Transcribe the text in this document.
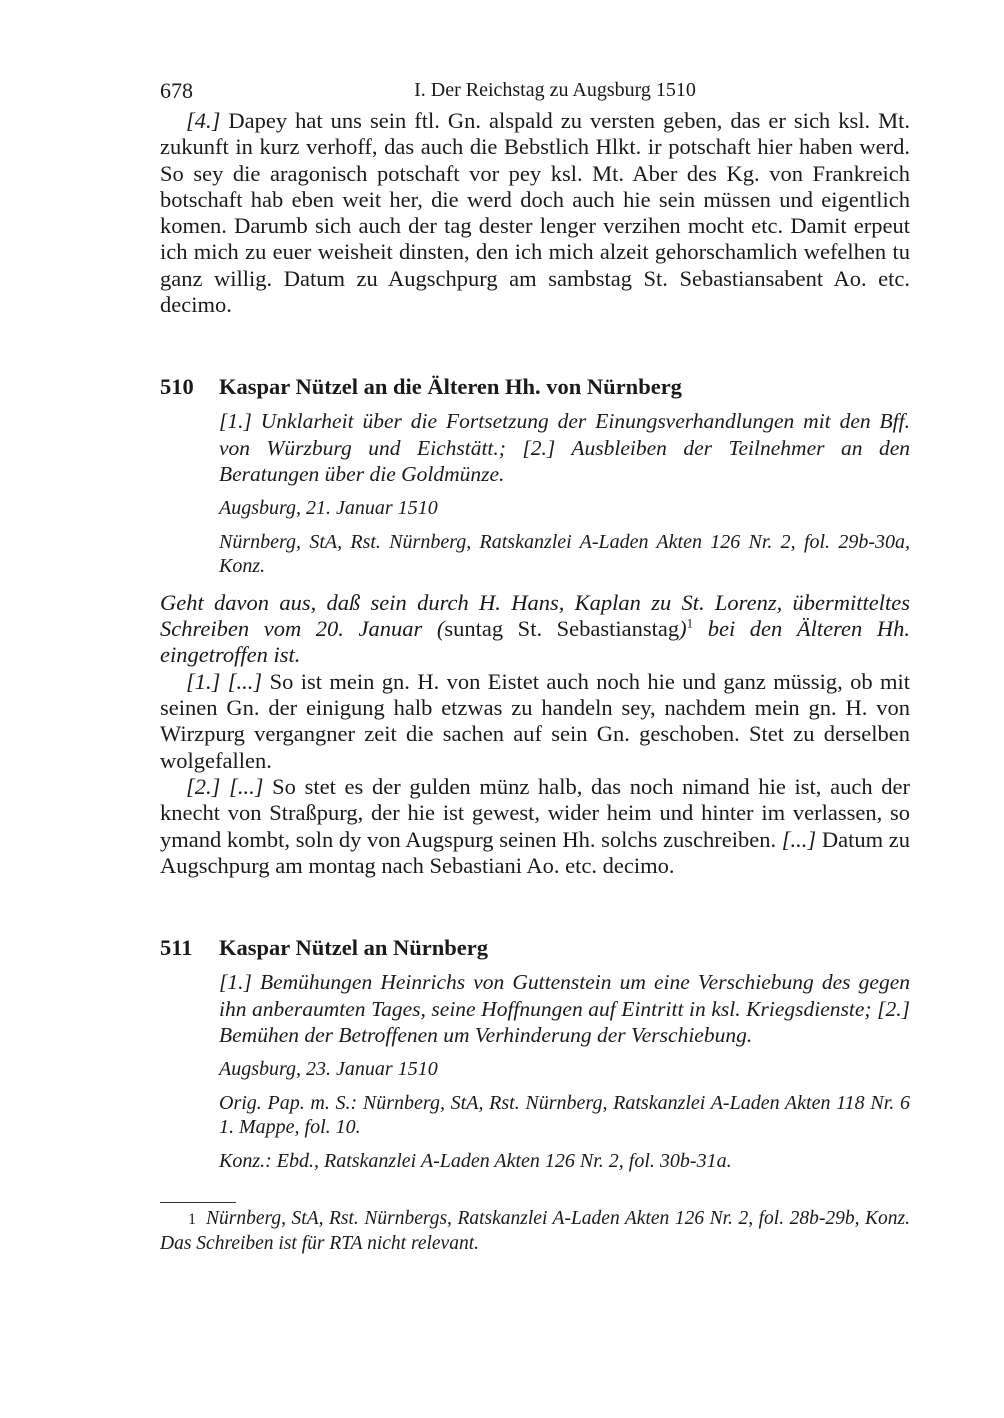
678	I. Der Reichstag zu Augsburg 1510

[4.] Dapey hat uns sein ftl. Gn. alspald zu versten geben, das er sich ksl. Mt. zukunft in kurz verhoff, das auch die Bebstlich Hlkt. ir potschaft hier haben werd. So sey die aragonisch potschaft vor pey ksl. Mt. Aber des Kg. von Frankreich botschaft hab eben weit her, die werd doch auch hie sein müssen und eigentlich komen. Darumb sich auch der tag dester lenger verzihen mocht etc. Damit erpeut ich mich zu euer weisheit dinsten, den ich mich alzeit gehorschamlich wefelhen tu ganz willig. Datum zu Augschpurg am sambstag St. Sebastiansabent Ao. etc. decimo.

510 Kaspar Nützel an die Älteren Hh. von Nürnberg

[1.] Unklarheit über die Fortsetzung der Einungsverhandlungen mit den Bff. von Würzburg und Eichstätt.; [2.] Ausbleiben der Teilnehmer an den Beratungen über die Goldmünze.

Augsburg, 21. Januar 1510

Nürnberg, StA, Rst. Nürnberg, Ratskanzlei A-Laden Akten 126 Nr. 2, fol. 29b-30a, Konz.

Geht davon aus, daß sein durch H. Hans, Kaplan zu St. Lorenz, übermitteltes Schreiben vom 20. Januar (suntag St. Sebastianstag)$^1$ bei den Älteren Hh. eingetroffen ist.

[1.] [...] So ist mein gn. H. von Eistet auch noch hie und ganz müssig, ob mit seinen Gn. der einigung halb etzwas zu handeln sey, nachdem mein gn. H. von Wirzpurg vergangner zeit die sachen auf sein Gn. geschoben. Stet zu derselben wolgefallen.

[2.] [...] So stet es der gulden münz halb, das noch nimand hie ist, auch der knecht von Straßpurg, der hie ist gewest, wider heim und hinter im verlassen, so ymand kombt, soln dy von Augspurg seinen Hh. solchs zuschreiben. [...] Datum zu Augschpurg am montag nach Sebastiani Ao. etc. decimo.

511 Kaspar Nützel an Nürnberg

[1.] Bemühungen Heinrichs von Guttenstein um eine Verschiebung des gegen ihn anberaumten Tages, seine Hoffnungen auf Eintritt in ksl. Kriegsdienste; [2.] Bemühen der Betroffenen um Verhinderung der Verschiebung.

Augsburg, 23. Januar 1510

Orig. Pap. m. S.: Nürnberg, StA, Rst. Nürnberg, Ratskanzlei A-Laden Akten 118 Nr. 6 1. Mappe, fol. 10.

Konz.: Ebd., Ratskanzlei A-Laden Akten 126 Nr. 2, fol. 30b-31a.

1 Nürnberg, StA, Rst. Nürnbergs, Ratskanzlei A-Laden Akten 126 Nr. 2, fol. 28b-29b, Konz. Das Schreiben ist für RTA nicht relevant.
